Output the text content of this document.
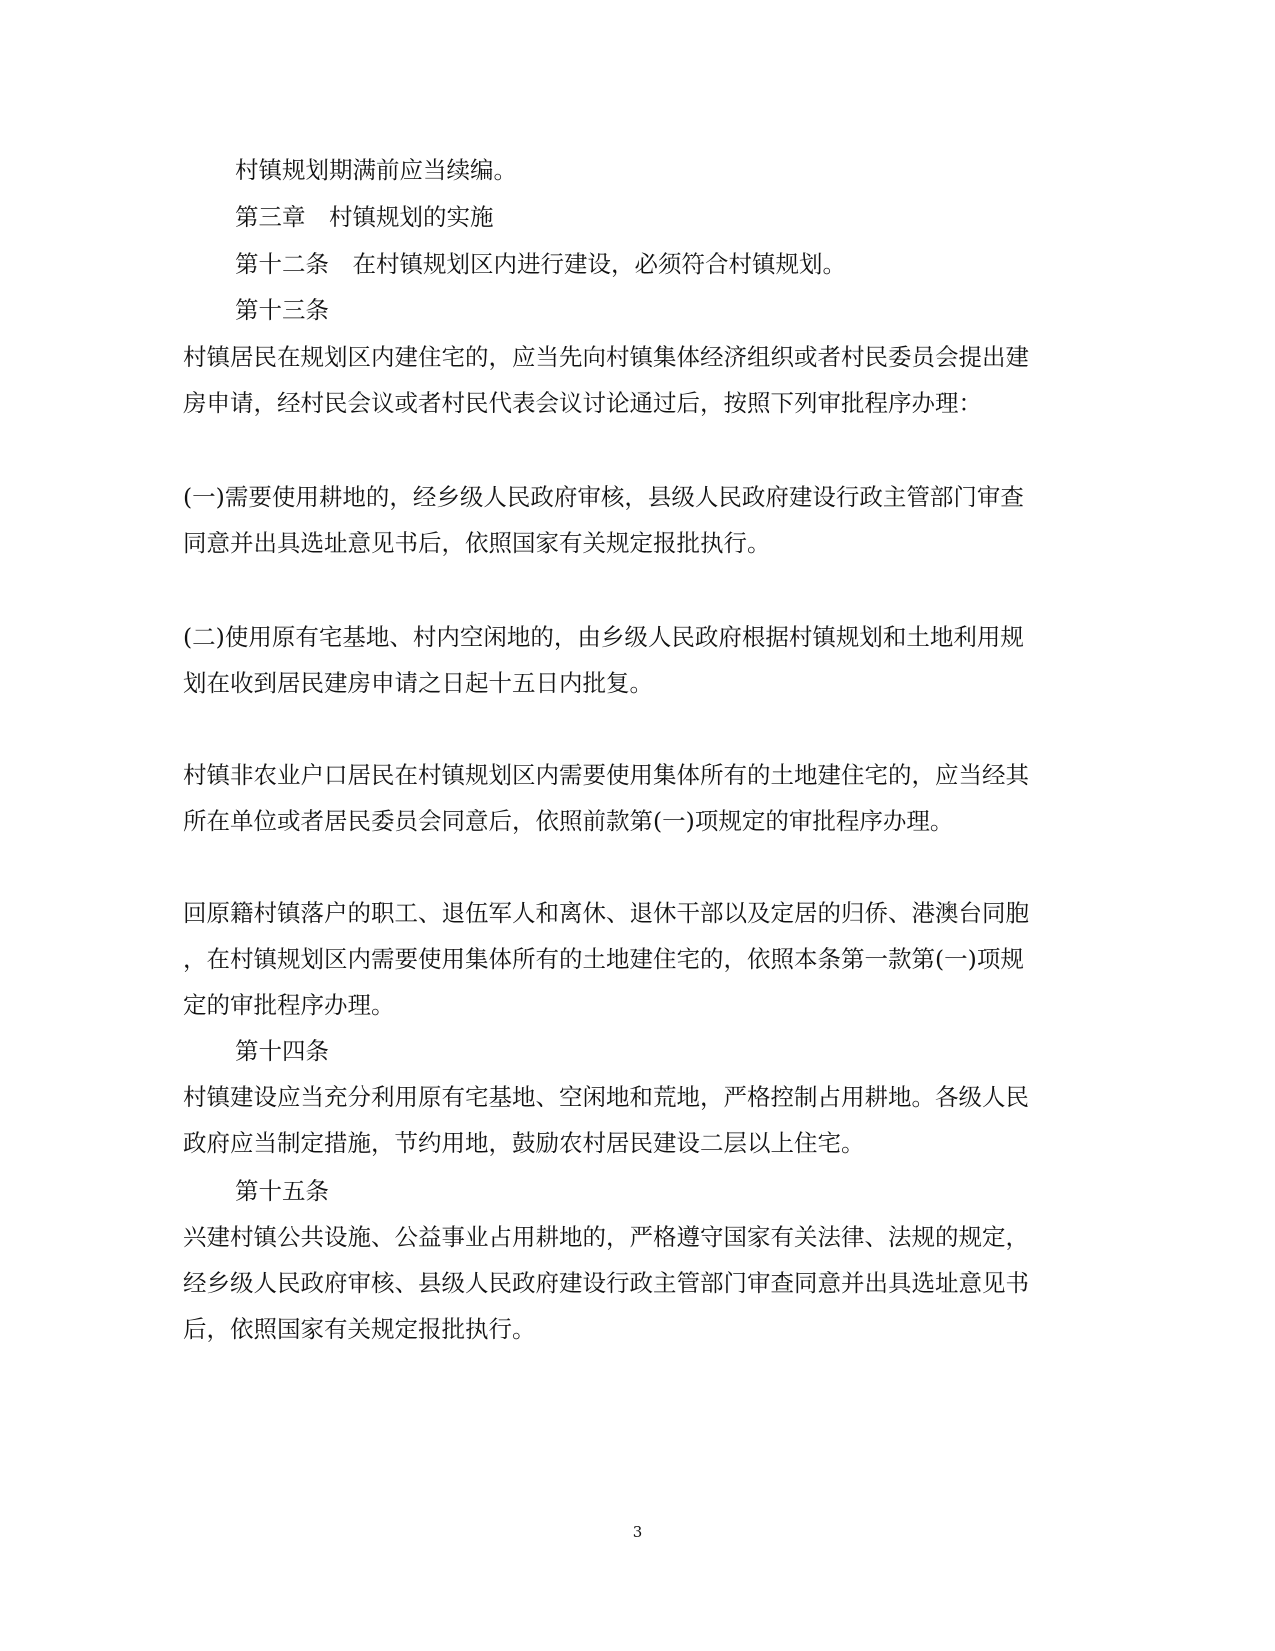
村镇规划期满前应当续编。

第三章　村镇规划的实施

第十二条　在村镇规划区内进行建设，必须符合村镇规划。

第十三条

村镇居民在规划区内建住宅的，应当先向村镇集体经济组织或者村民委员会提出建

房申请，经村民会议或者村民代表会议讨论通过后，按照下列审批程序办理：

(一)需要使用耕地的，经乡级人民政府审核，县级人民政府建设行政主管部门审查

同意并出具选址意见书后，依照国家有关规定报批执行。

(二)使用原有宅基地、村内空闲地的，由乡级人民政府根据村镇规划和土地利用规

划在收到居民建房申请之日起十五日内批复。

村镇非农业户口居民在村镇规划区内需要使用集体所有的土地建住宅的，应当经其

所在单位或者居民委员会同意后，依照前款第(一)项规定的审批程序办理。

回原籍村镇落户的职工、退伍军人和离休、退休干部以及定居的归侨、港澳台同胞

，在村镇规划区内需要使用集体所有的土地建住宅的，依照本条第一款第(一)项规

定的审批程序办理。

第十四条

村镇建设应当充分利用原有宅基地、空闲地和荒地，严格控制占用耕地。各级人民

政府应当制定措施，节约用地，鼓励农村居民建设二层以上住宅。

第十五条

兴建村镇公共设施、公益事业占用耕地的，严格遵守国家有关法律、法规的规定，

经乡级人民政府审核、县级人民政府建设行政主管部门审查同意并出具选址意见书

后，依照国家有关规定报批执行。

3
